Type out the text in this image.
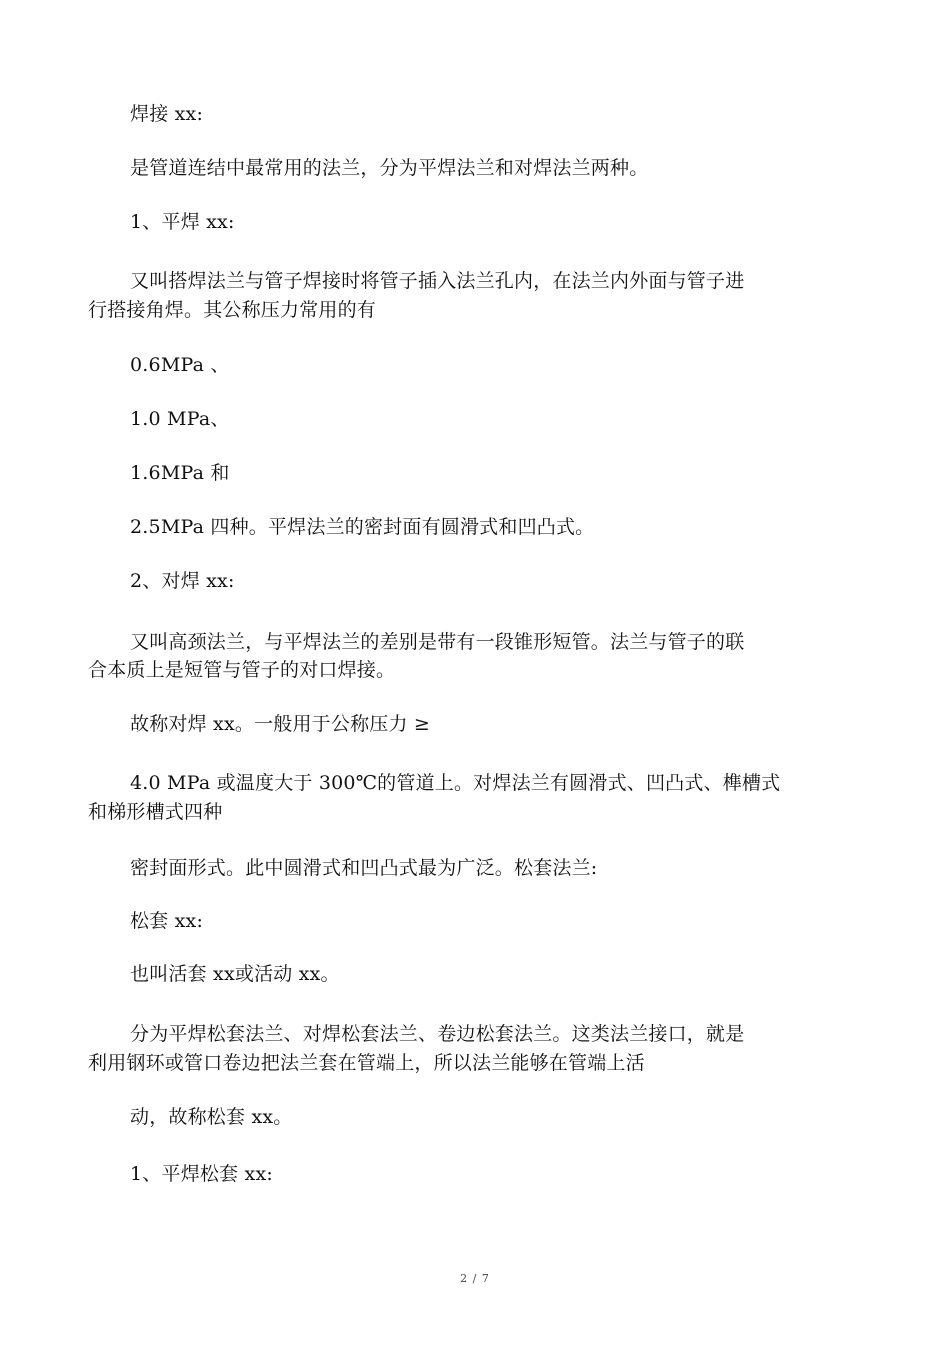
焊接 xx:
是管道连结中最常用的法兰，分为平焊法兰和对焊法兰两种。
1、平焊 xx:
又叫搭焊法兰与管子焊接时将管子插入法兰孔内，在法兰内外面与管子进
行搭接角焊。其公称压力常用的有
0.6MPa 、
1.0 MPa、
1.6MPa 和
2.5MPa 四种。平焊法兰的密封面有圆滑式和凹凸式。
2、对焊 xx:
又叫高颈法兰，与平焊法兰的差别是带有一段锥形短管。法兰与管子的联
合本质上是短管与管子的对口焊接。
故称对焊 xx。一般用于公称压力 ≥
4.0 MPa 或温度大于 300℃的管道上。对焊法兰有圆滑式、凹凸式、榫槽式
和梯形槽式四种
密封面形式。此中圆滑式和凹凸式最为广泛。松套法兰:
松套 xx:
也叫活套 xx或活动 xx。
分为平焊松套法兰、对焊松套法兰、卷边松套法兰。这类法兰接口，就是
利用钢环或管口卷边把法兰套在管端上，所以法兰能够在管端上活
动，故称松套 xx。
1、平焊松套 xx:
2 / 7
